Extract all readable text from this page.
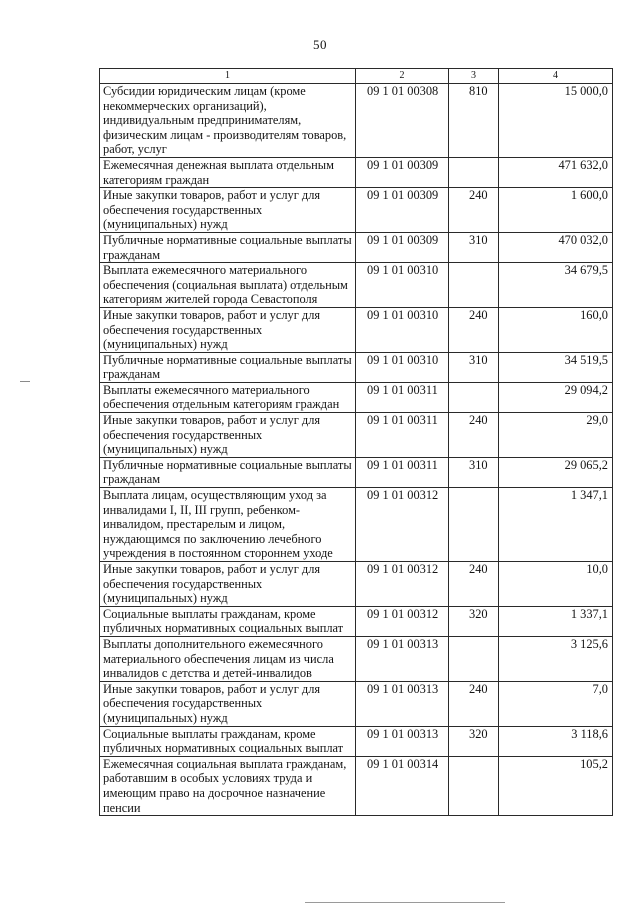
50
1	2	3	4
Субсидии юридическим лицам (кроме некоммерческих организаций), индивидуальным предпринимателям, физическим лицам - производителям товаров, работ, услуг	09 1 01 00308	810	15 000,0
Ежемесячная денежная выплата отдельным категориям граждан	09 1 01 00309		471 632,0
Иные закупки товаров, работ и услуг для обеспечения государственных (муниципальных) нужд	09 1 01 00309	240	1 600,0
Публичные нормативные социальные выплаты гражданам	09 1 01 00309	310	470 032,0
Выплата ежемесячного материального обеспечения (социальная выплата) отдельным категориям жителей города Севастополя	09 1 01 00310		34 679,5
Иные закупки товаров, работ и услуг для обеспечения государственных (муниципальных) нужд	09 1 01 00310	240	160,0
Публичные нормативные социальные выплаты гражданам	09 1 01 00310	310	34 519,5
Выплаты ежемесячного материального обеспечения отдельным категориям граждан	09 1 01 00311		29 094,2
Иные закупки товаров, работ и услуг для обеспечения государственных (муниципальных) нужд	09 1 01 00311	240	29,0
Публичные нормативные социальные выплаты гражданам	09 1 01 00311	310	29 065,2
Выплата лицам, осуществляющим уход за инвалидами I, II, III групп, ребенком-инвалидом, престарелым и лицом, нуждающимся по заключению лечебного учреждения в постоянном стороннем уходе	09 1 01 00312		1 347,1
Иные закупки товаров, работ и услуг для обеспечения государственных (муниципальных) нужд	09 1 01 00312	240	10,0
Социальные выплаты гражданам, кроме публичных нормативных социальных выплат	09 1 01 00312	320	1 337,1
Выплаты дополнительного ежемесячного материального обеспечения лицам из числа инвалидов с детства и детей-инвалидов	09 1 01 00313		3 125,6
Иные закупки товаров, работ и услуг для обеспечения государственных (муниципальных) нужд	09 1 01 00313	240	7,0
Социальные выплаты гражданам, кроме публичных нормативных социальных выплат	09 1 01 00313	320	3 118,6
Ежемесячная социальная выплата гражданам, работавшим в особых условиях труда и имеющим право на досрочное назначение пенсии	09 1 01 00314		105,2
